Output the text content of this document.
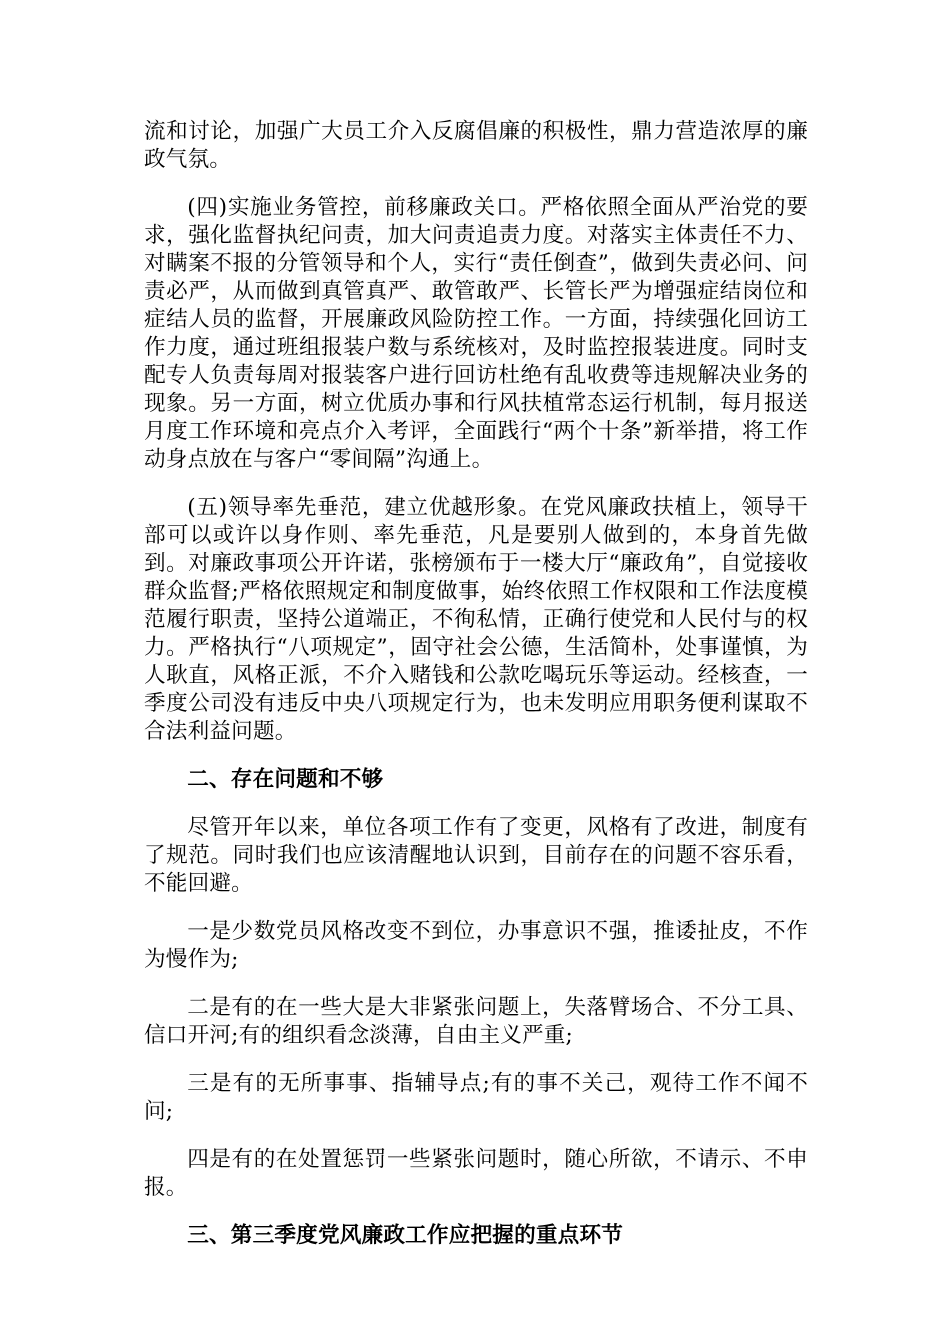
流和讨论，加强广大员工介入反腐倡廉的积极性，鼎力营造浓厚的廉政气氛。

(四)实施业务管控，前移廉政关口。严格依照全面从严治党的要求，强化监督执纪问责，加大问责追责力度。对落实主体责任不力、对瞒案不报的分管领导和个人，实行“责任倒查”，做到失责必问、问责必严，从而做到真管真严、敢管敢严、长管长严为增强症结岗位和症结人员的监督，开展廉政风险防控工作。一方面，持续强化回访工作力度，通过班组报装户数与系统核对，及时监控报装进度。同时支配专人负责每周对报装客户进行回访杜绝有乱收费等违规解决业务的现象。另一方面，树立优质办事和行风扶植常态运行机制，每月报送月度工作环境和亮点介入考评，全面践行“两个十条”新举措，将工作动身点放在与客户“零间隔”沟通上。

(五)领导率先垂范，建立优越形象。在党风廉政扶植上，领导干部可以或许以身作则、率先垂范，凡是要别人做到的，本身首先做到。对廉政事项公开许诺，张榜颁布于一楼大厅“廉政角”，自觉接收群众监督;严格依照规定和制度做事，始终依照工作权限和工作法度模范履行职责，坚持公道端正，不徇私情，正确行使党和人民付与的权力。严格执行“八项规定”，固守社会公德，生活简朴，处事谨慎，为人耿直，风格正派，不介入赌钱和公款吃喝玩乐等运动。经核查，一季度公司没有违反中央八项规定行为，也未发明应用职务便利谋取不合法利益问题。

二、存在问题和不够

尽管开年以来，单位各项工作有了变更，风格有了改进，制度有了规范。同时我们也应该清醒地认识到，目前存在的问题不容乐看，不能回避。

一是少数党员风格改变不到位，办事意识不强，推诿扯皮，不作为慢作为;

二是有的在一些大是大非紧张问题上，失落臂场合、不分工具、信口开河;有的组织看念淡薄，自由主义严重;

三是有的无所事事、指辅导点;有的事不关己，观待工作不闻不问;

四是有的在处置惩罚一些紧张问题时，随心所欲，不请示、不申报。

三、第三季度党风廉政工作应把握的重点环节
